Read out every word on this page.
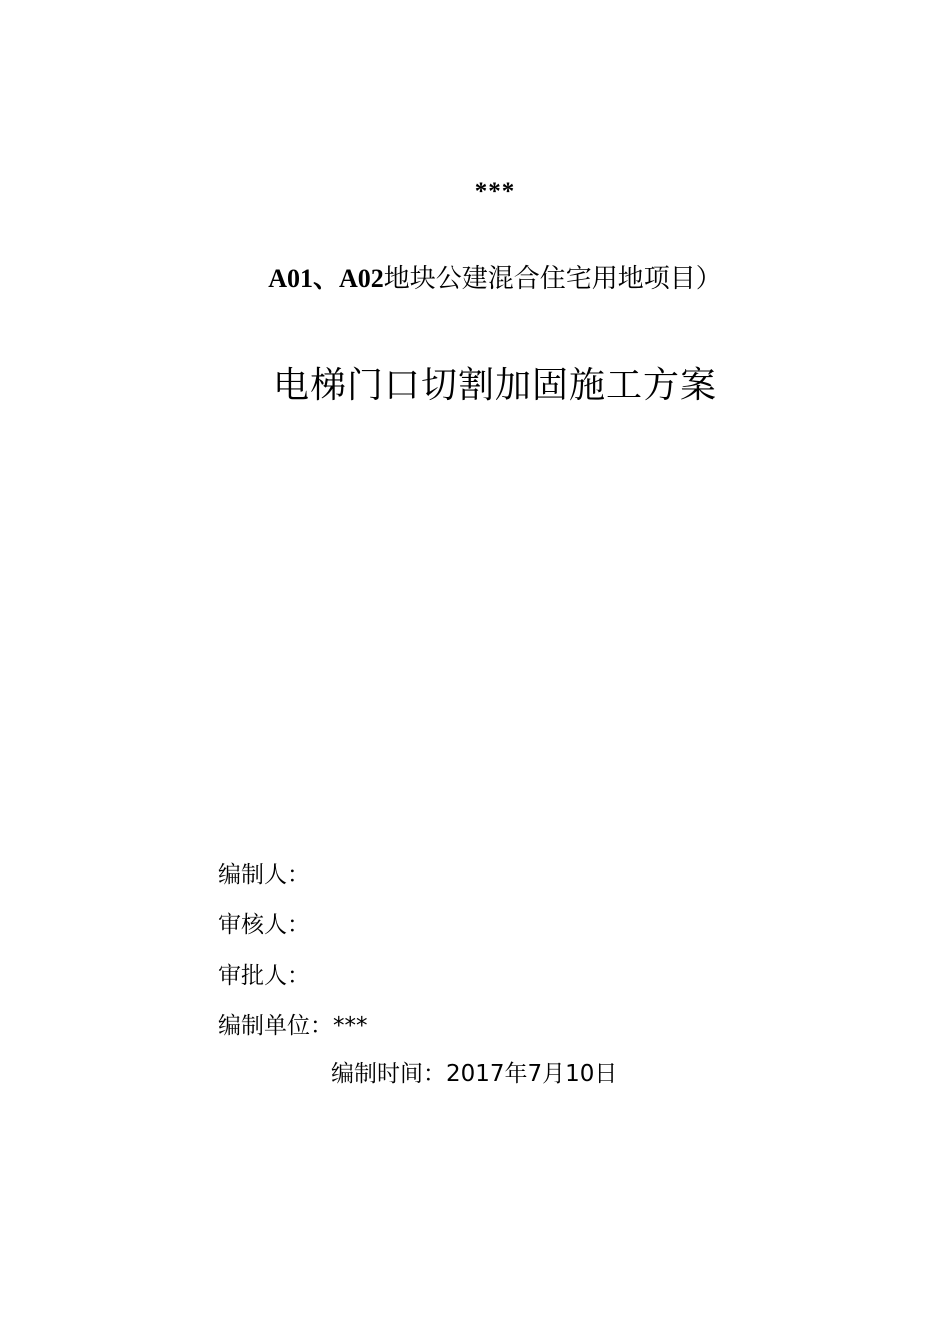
***
A01、A02地块公建混合住宅用地项目）
电梯门口切割加固施工方案
编制人：
审核人：
审批人：
编制单位：***
编制时间：2017年7月10日
